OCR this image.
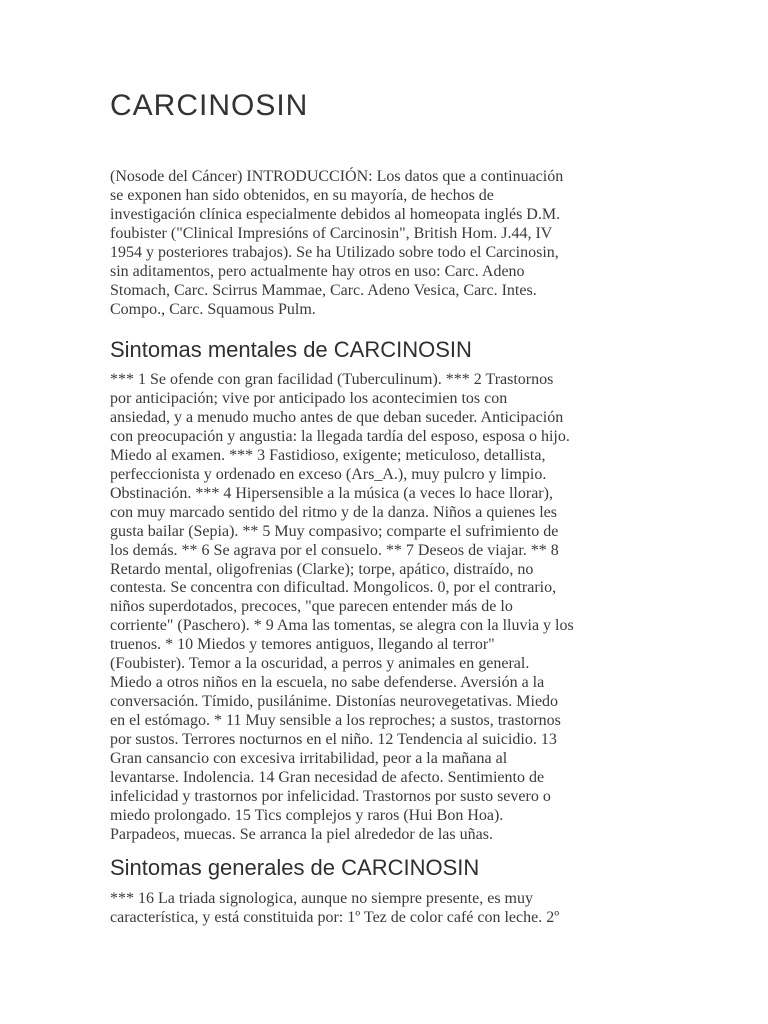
CARCINOSIN

(Nosode del Cáncer) INTRODUCCIÓN: Los datos que a continuación
se exponen han sido obtenidos, en su mayoría, de hechos de
investigación clínica especialmente debidos al homeopata inglés D.M.
foubister ("Clinical Impresións of Carcinosin", British Hom. J.44, IV
1954 y posteriores trabajos). Se ha Utilizado sobre todo el Carcinosin,
sin aditamentos, pero actualmente hay otros en uso: Carc. Adeno
Stomach, Carc. Scirrus Mammae, Carc. Adeno Vesica, Carc. Intes.
Compo., Carc. Squamous Pulm.

Sintomas mentales de CARCINOSIN

*** 1 Se ofende con gran facilidad (Tuberculinum). *** 2 Trastornos
por anticipación; vive por anticipado los acontecimien tos con
ansiedad, y a menudo mucho antes de que deban suceder. Anticipación
con preocupación y angustia: la llegada tardía del esposo, esposa o hijo.
Miedo al examen. *** 3 Fastidioso, exigente; meticuloso, detallista,
perfeccionista y ordenado en exceso (Ars_A.), muy pulcro y limpio.
Obstinación. *** 4 Hipersensible a la música (a veces lo hace llorar),
con muy marcado sentido del ritmo y de la danza. Niños a quienes les
gusta bailar (Sepia). ** 5 Muy compasivo; comparte el sufrimiento de
los demás. ** 6 Se agrava por el consuelo. ** 7 Deseos de viajar. ** 8
Retardo mental, oligofrenias (Clarke); torpe, apático, distraído, no
contesta. Se concentra con dificultad. Mongolicos. 0, por el contrario,
niños superdotados, precoces, "que parecen entender más de lo
corriente" (Paschero). * 9 Ama las tomentas, se alegra con la lluvia y los
truenos. * 10 Miedos y temores antiguos, llegando al terror"
(Foubister). Temor a la oscuridad, a perros y animales en general.
Miedo a otros niños en la escuela, no sabe defenderse. Aversión a la
conversación. Tímido, pusilánime. Distonías neurovegetativas. Miedo
en el estómago. * 11 Muy sensible a los reproches; a sustos, trastornos
por sustos. Terrores nocturnos en el niño. 12 Tendencia al suicidio. 13
Gran cansancio con excesiva irritabilidad, peor a la mañana al
levantarse. Indolencia. 14 Gran necesidad de afecto. Sentimiento de
infelicidad y trastornos por infelicidad. Trastornos por susto severo o
miedo prolongado. 15 Tics complejos y raros (Hui Bon Hoa).
Parpadeos, muecas. Se arranca la piel alrededor de las uñas.

Sintomas generales de CARCINOSIN

*** 16 La triada signologica, aunque no siempre presente, es muy
característica, y está constituida por: 1º Tez de color café con leche. 2º
